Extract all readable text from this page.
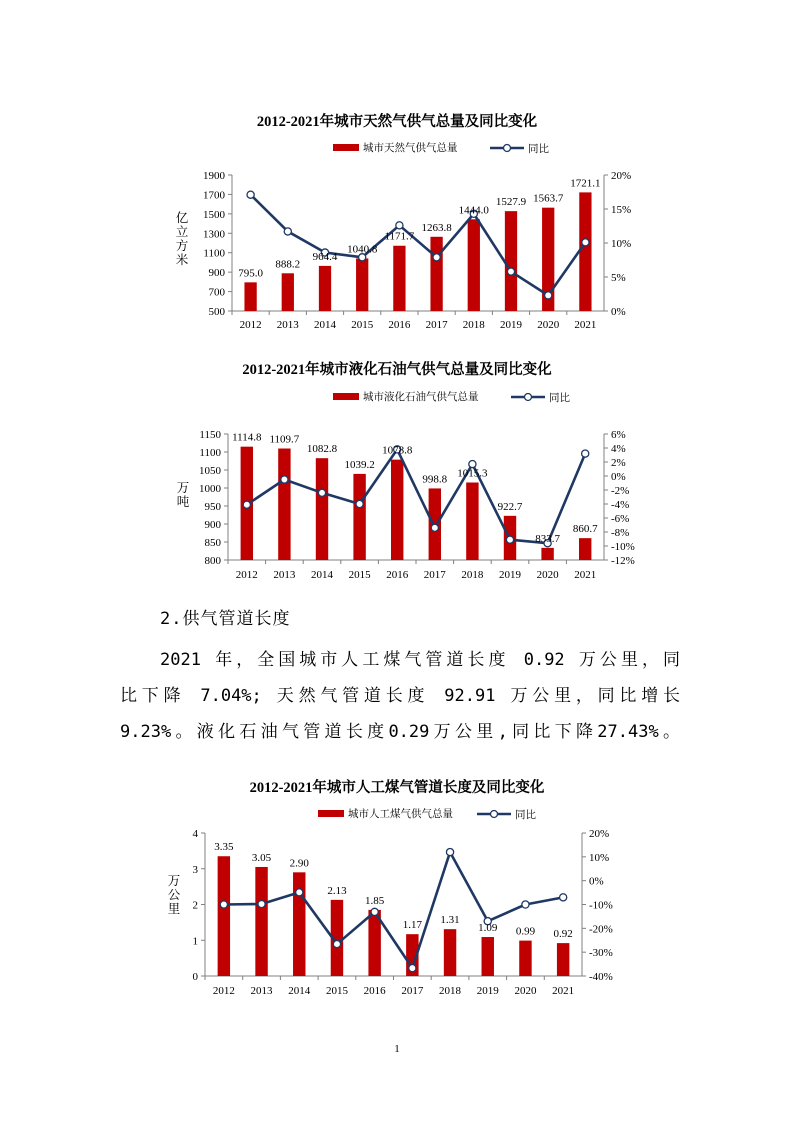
2012-2021年城市天然气供气总量及同比变化
城市天然气供气总量	同比
500
700
900
1100
1300
1500
1700
1900
0%
5%
10%
15%
20%
亿
立
方
米
2012 2013 2014 2015 2016 2017 2018 2019 2020 2021
795.0
888.2
964.4
1040.8
1171.7
1263.8
1444.0
1527.9 1563.7
1721.1
2012-2021年城市液化石油气供气总量及同比变化
城市液化石油气供气总量	同比
800
850
900
950
1000
1050
1100
1150
-12%
-10%
-8%
-6%
-4%
-2%
0%
2%
4%
6%
万
吨
2012 2013 2014 2015 2016 2017 2018 2019 2020 2021
1114.8 1109.7
1082.8
1039.2
1078.8
998.8 1015.3
922.7
833.7
860.7
2.供气管道长度
2021 年，全国城市人工煤气管道长度 0.92 万公里，同
比下降 7.04%; 天然气管道长度 92.91 万公里，同比增长
9.23%。液化石油气管道长度0.29万公里,同比下降27.43%。
2012-2021年城市人工煤气管道长度及同比变化
城市人工煤气供气总量	同比
0
1
2
3
4
-40%
-30%
-20%
-10%
0%
10%
20%
万
公
里
2012 2013 2014 2015 2016 2017 2018 2019 2020 2021
3.35
3.05 2.90
2.13
1.85
1.17 1.31
1.09 0.99 0.92
1
